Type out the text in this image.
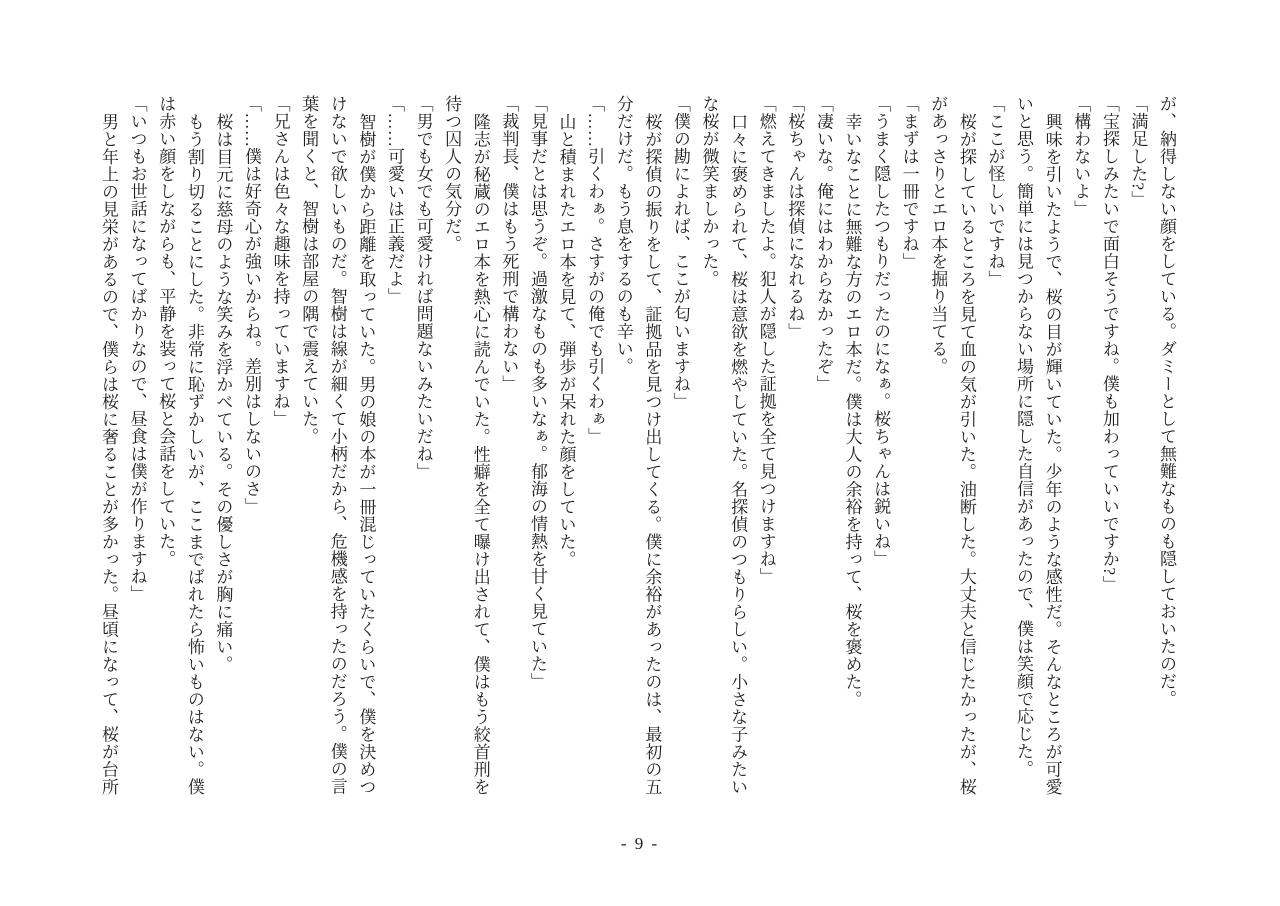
が、納得しない顔をしている。ダミーとして無難なものも隠しておいたのだ。
「満足した?」
「宝探しみたいで面白そうですね。僕も加わっていいですか?」
「構わないよ」
興味を引いたようで、桜の目が輝いていた。少年のような感性だ。そんなところが可愛
いと思う。簡単には見つからない場所に隠した自信があったので、僕は笑顔で応じた。
「ここが怪しいですね」
桜が探しているところを見て血の気が引いた。油断した。大丈夫と信じたかったが、桜
があっさりとエロ本を掘り当てる。
「まずは一冊ですね」
「うまく隠したつもりだったのになぁ。桜ちゃんは鋭いね」
幸いなことに無難な方のエロ本だ。僕は大人の余裕を持って、桜を褒めた。
「凄いな。俺にはわからなかったぞ」
「桜ちゃんは探偵になれるね」
「燃えてきましたよ。犯人が隠した証拠を全て見つけますね」
口々に褒められて、桜は意欲を燃やしていた。名探偵のつもりらしい。小さな子みたい
な桜が微笑ましかった。
「僕の勘によれば、ここが匂いますね」
桜が探偵の振りをして、証拠品を見つけ出してくる。僕に余裕があったのは、最初の五
分だけだ。もう息をするのも辛い。
「……引くわぁ。さすがの俺でも引くわぁ」
山と積まれたエロ本を見て、弾歩が呆れた顔をしていた。
「見事だとは思うぞ。過激なものも多いなぁ。郁海の情熱を甘く見ていた」
「裁判長、僕はもう死刑で構わない」
隆志が秘蔵のエロ本を熱心に読んでいた。性癖を全て曝け出されて、僕はもう絞首刑を
待つ囚人の気分だ。
「男でも女でも可愛ければ問題ないみたいだね」
「……可愛いは正義だよ」
智樹が僕から距離を取っていた。男の娘の本が一冊混じっていたくらいで、僕を決めつ
けないで欲しいものだ。智樹は線が細くて小柄だから、危機感を持ったのだろう。僕の言
葉を聞くと、智樹は部屋の隅で震えていた。
「兄さんは色々な趣味を持っていますね」
「……僕は好奇心が強いからね。差別はしないのさ」
桜は目元に慈母のような笑みを浮かべている。その優しさが胸に痛い。
もう割り切ることにした。非常に恥ずかしいが、ここまでばれたら怖いものはない。僕
は赤い顔をしながらも、平静を装って桜と会話をしていた。
「いつもお世話になってばかりなので、昼食は僕が作りますね」
男と年上の見栄があるので、僕らは桜に奢ることが多かった。昼頃になって、桜が台所
- 9 -
